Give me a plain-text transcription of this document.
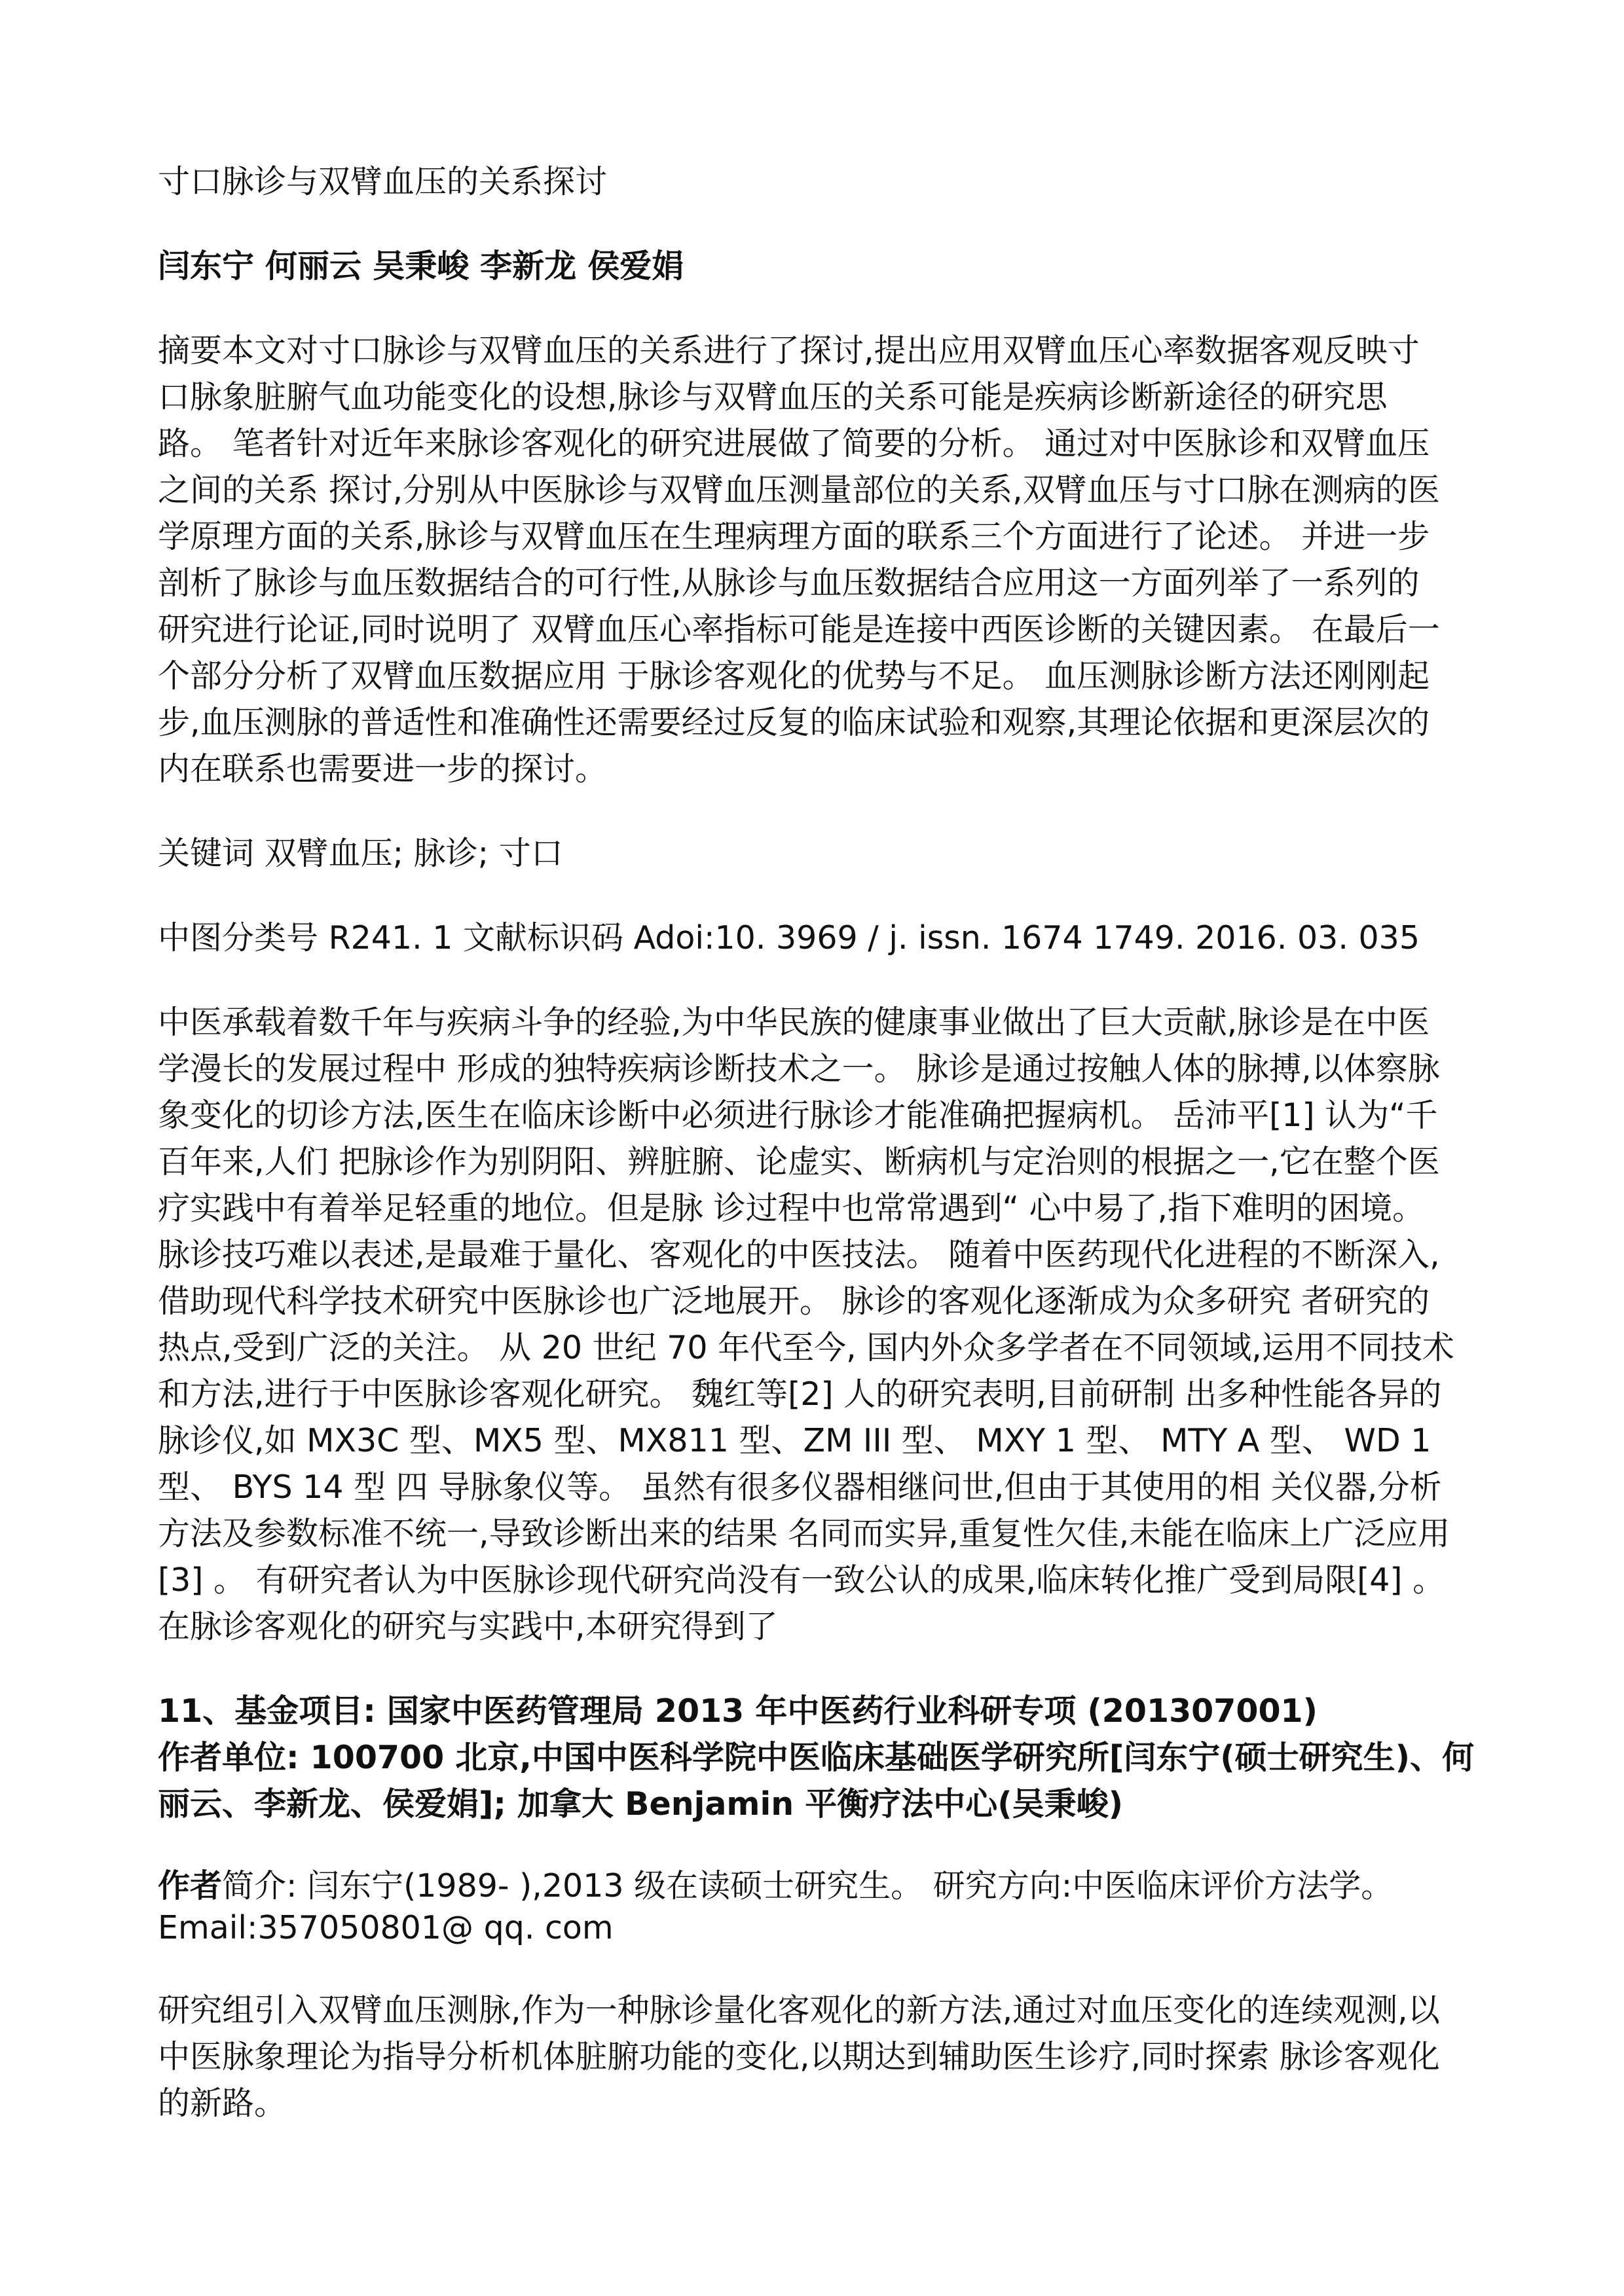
寸口脉诊与双臂血压的关系探讨
闫东宁 何丽云 吴秉峻 李新龙 侯爱娟
摘要本文对寸口脉诊与双臂血压的关系进行了探讨,提出应用双臂血压心率数据客观反映寸
口脉象脏腑气血功能变化的设想,脉诊与双臂血压的关系可能是疾病诊断新途径的研究思
路。 笔者针对近年来脉诊客观化的研究进展做了简要的分析。 通过对中医脉诊和双臂血压
之间的关系 探讨,分别从中医脉诊与双臂血压测量部位的关系,双臂血压与寸口脉在测病的医
学原理方面的关系,脉诊与双臂血压在生理病理方面的联系三个方面进行了论述。 并进一步
剖析了脉诊与血压数据结合的可行性,从脉诊与血压数据结合应用这一方面列举了一系列的
研究进行论证,同时说明了 双臂血压心率指标可能是连接中西医诊断的关键因素。 在最后一
个部分分析了双臂血压数据应用 于脉诊客观化的优势与不足。 血压测脉诊断方法还刚刚起
步,血压测脉的普适性和准确性还需要经过反复的临床试验和观察,其理论依据和更深层次的
内在联系也需要进一步的探讨。
关键词 双臂血压; 脉诊; 寸口
中图分类号 R241. 1 文献标识码 Adoi:10. 3969 / j. issn. 1674 1749. 2016. 03. 035
中医承载着数千年与疾病斗争的经验,为中华民族的健康事业做出了巨大贡献,脉诊是在中医
学漫长的发展过程中 形成的独特疾病诊断技术之一。 脉诊是通过按触人体的脉搏,以体察脉
象变化的切诊方法,医生在临床诊断中必须进行脉诊才能准确把握病机。 岳沛平[1] 认为“千
百年来,人们 把脉诊作为别阴阳、辨脏腑、论虚实、断病机与定治则的根据之一,它在整个医
疗实践中有着举足轻重的地位。但是脉 诊过程中也常常遇到“ 心中易了,指下难明的困境。
脉诊技巧难以表述,是最难于量化、客观化的中医技法。 随着中医药现代化进程的不断深入,
借助现代科学技术研究中医脉诊也广泛地展开。 脉诊的客观化逐渐成为众多研究 者研究的
热点,受到广泛的关注。 从 20 世纪 70 年代至今, 国内外众多学者在不同领域,运用不同技术
和方法,进行于中医脉诊客观化研究。 魏红等[2] 人的研究表明,目前研制 出多种性能各异的
脉诊仪,如 MX3C 型、MX5 型、MX811 型、ZM III 型、 MXY 1 型、 MTY A 型、 WD 1
型、 BYS 14 型 四 导脉象仪等。 虽然有很多仪器相继问世,但由于其使用的相 关仪器,分析
方法及参数标准不统一,导致诊断出来的结果 名同而实异,重复性欠佳,未能在临床上广泛应用
[3] 。 有研究者认为中医脉诊现代研究尚没有一致公认的成果,临床转化推广受到局限[4] 。
在脉诊客观化的研究与实践中,本研究得到了
11、基金项目: 国家中医药管理局 2013 年中医药行业科研专项 (201307001)
作者单位: 100700 北京,中国中医科学院中医临床基础医学研究所[闫东宁(硕士研究生)、何
丽云、李新龙、侯爱娟]; 加拿大 Benjamin 平衡疗法中心(吴秉峻)
作者简介: 闫东宁(1989- ),2013 级在读硕士研究生。 研究方向:中医临床评价方法学。
Email:357050801@ qq. com
研究组引入双臂血压测脉,作为一种脉诊量化客观化的新方法,通过对血压变化的连续观测,以
中医脉象理论为指导分析机体脏腑功能的变化,以期达到辅助医生诊疗,同时探索 脉诊客观化
的新路。
